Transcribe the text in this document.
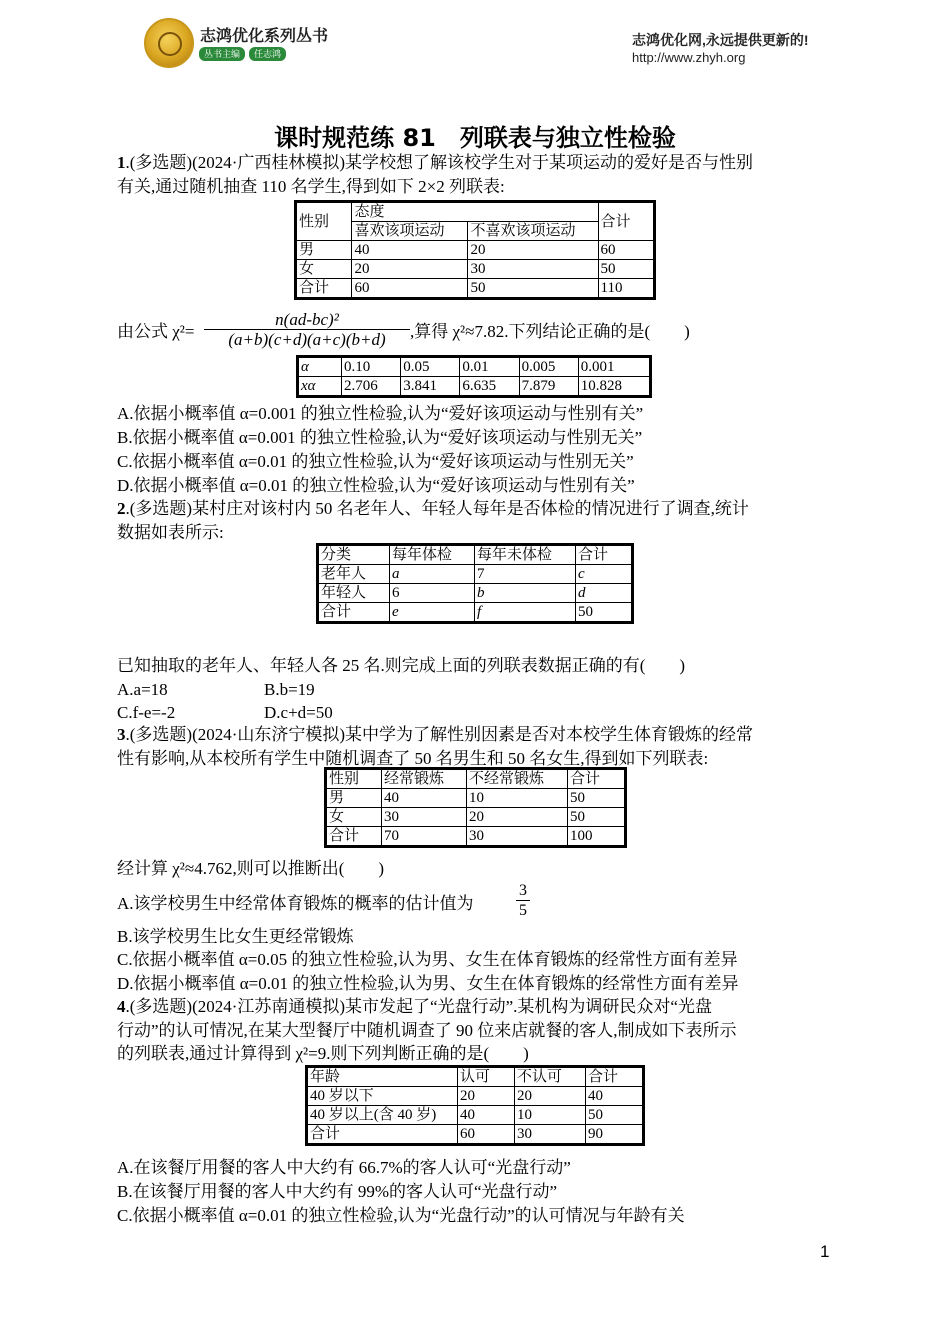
志鸿优化系列丛书
丛书主编	任志鸿
志鸿优化网,永远提供更新的!
http://www.zhyh.org
课时规范练 81　列联表与独立性检验
1.(多选题)(2024·广西桂林模拟)某学校想了解该校学生对于某项运动的爱好是否与性别
有关,通过随机抽查 110 名学生,得到如下 2×2 列联表:
性别	态度		合计
	喜欢该项运动	不喜欢该项运动	
男	40	20	60
女	20	30	50
合计	60	50	110
由公式 $\chi^2= \frac{\text{n(ad-bc)²}}{(a+b)(c+d)(a+c)(b+d)}$ ,算得 χ²≈7.82.下列结论正确的是(　　)
α	0.10	0.05	0.01	0.005	0.001
xα	2.706	3.841	6.635	7.879	10.828
A.依据小概率值 α=0.001 的独立性检验,认为“爱好该项运动与性别有关”
B.依据小概率值 α=0.001 的独立性检验,认为“爱好该项运动与性别无关”
C.依据小概率值 α=0.01 的独立性检验,认为“爱好该项运动与性别无关”
D.依据小概率值 α=0.01 的独立性检验,认为“爱好该项运动与性别有关”
2.(多选题)某村庄对该村内 50 名老年人、年轻人每年是否体检的情况进行了调查,统计
数据如表所示:
分类	每年体检	每年未体检	合计
老年人	a	7	c
年轻人	6	b	d
合计	e	f	50
已知抽取的老年人、年轻人各 25 名.则完成上面的列联表数据正确的有(　　)
A.a=18	B.b=19
C.f-e=-2	D.c+d=50
3.(多选题)(2024·山东济宁模拟)某中学为了解性别因素是否对本校学生体育锻炼的经常
性有影响,从本校所有学生中随机调查了 50 名男生和 50 名女生,得到如下列联表:
性别	经常锻炼	不经常锻炼	合计
男	40	10	50
女	30	20	50
合计	70	30	100
经计算 χ²≈4.762,则可以推断出(　　)
A.该学校男生中经常体育锻炼的概率的估计值为	$\frac{3}{5}$
B.该学校男生比女生更经常锻炼
C.依据小概率值 α=0.05 的独立性检验,认为男、女生在体育锻炼的经常性方面有差异
D.依据小概率值 α=0.01 的独立性检验,认为男、女生在体育锻炼的经常性方面有差异
4.(多选题)(2024·江苏南通模拟)某市发起了“光盘行动”.某机构为调研民众对“光盘
行动”的认可情况,在某大型餐厅中随机调查了 90 位来店就餐的客人,制成如下表所示
的列联表,通过计算得到 χ²=9.则下列判断正确的是(　　)
年龄	认可	不认可	合计
40 岁以下	20	20	40
40 岁以上(含 40 岁)	40	10	50
合计	60	30	90
A.在该餐厅用餐的客人中大约有 66.7%的客人认可“光盘行动”
B.在该餐厅用餐的客人中大约有 99%的客人认可“光盘行动”
C.依据小概率值 α=0.01 的独立性检验,认为“光盘行动”的认可情况与年龄有关
1
